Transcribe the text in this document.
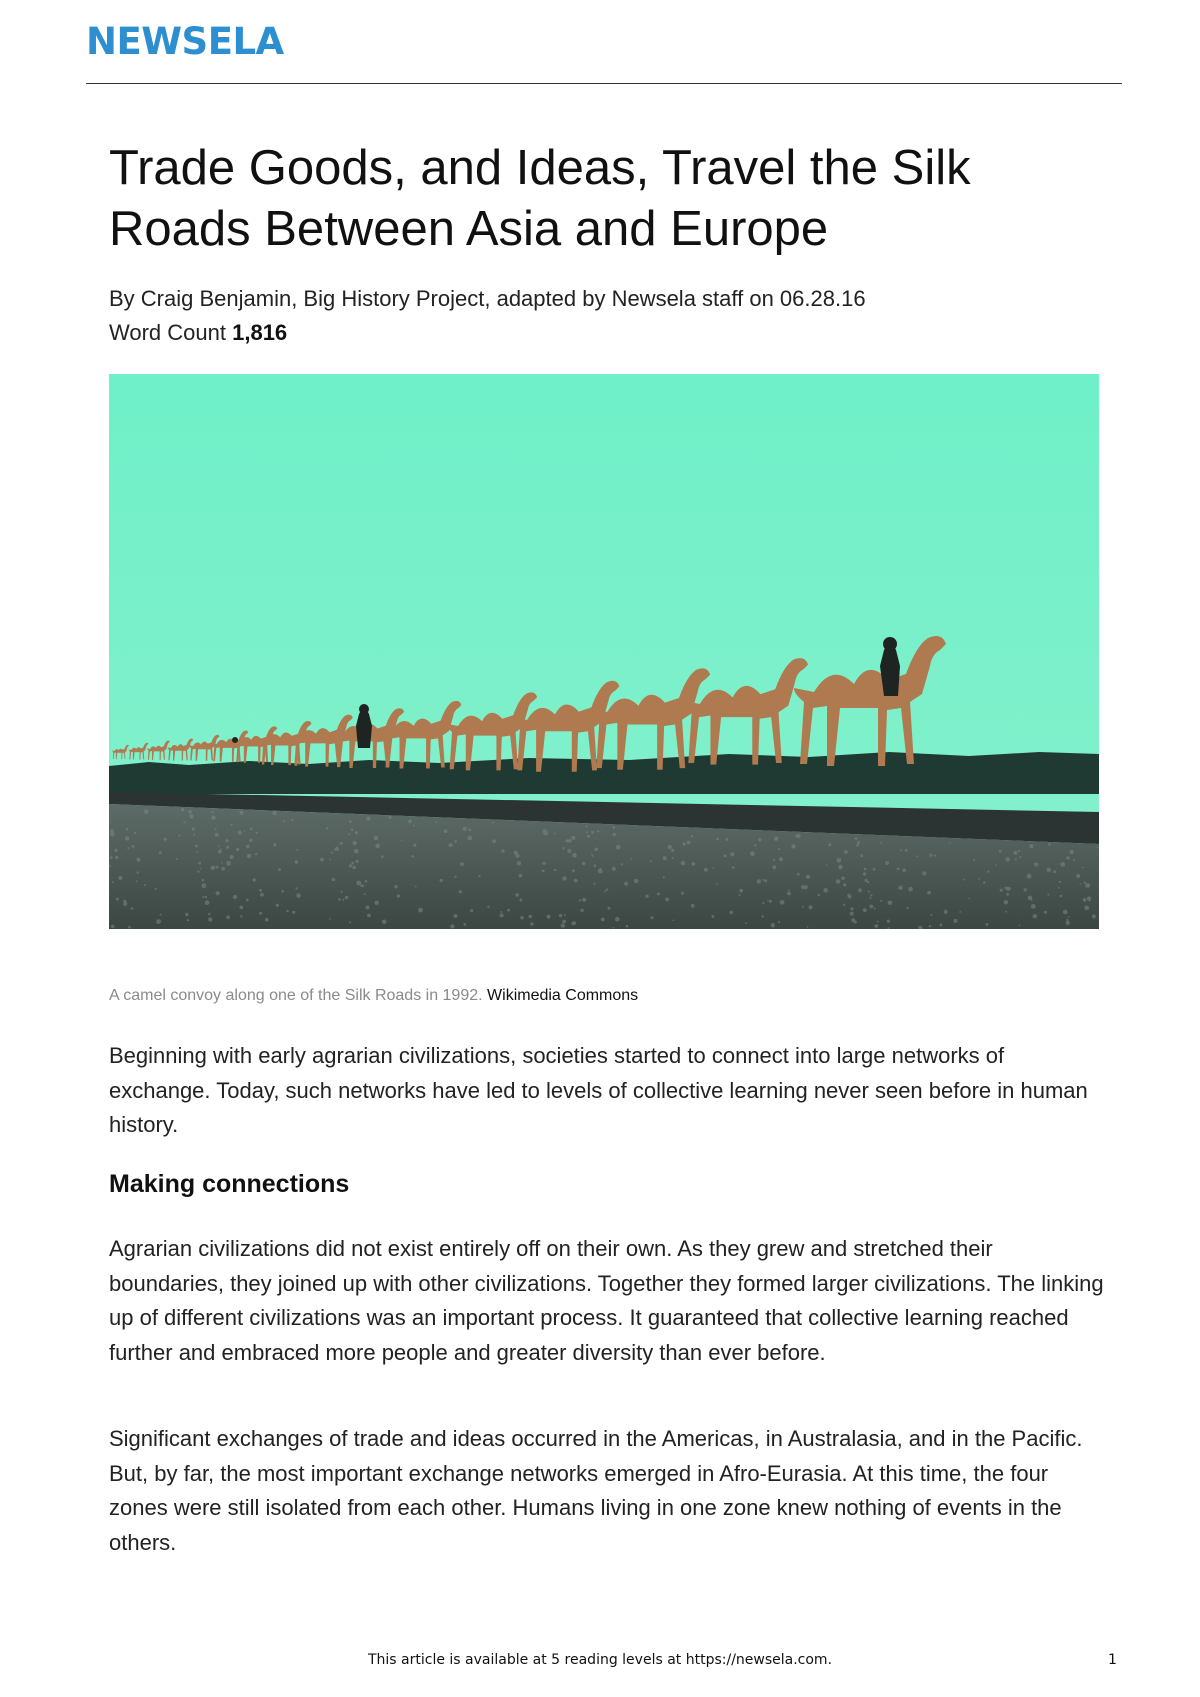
NEWSELA
Trade Goods, and Ideas, Travel the Silk Roads Between Asia and Europe
By Craig Benjamin, Big History Project, adapted by Newsela staff on 06.28.16
Word Count 1,816
A camel convoy along one of the Silk Roads in 1992. Wikimedia Commons

Beginning with early agrarian civilizations, societies started to connect into large networks of exchange. Today, such networks have led to levels of collective learning never seen before in human history.

Making connections

Agrarian civilizations did not exist entirely off on their own. As they grew and stretched their boundaries, they joined up with other civilizations. Together they formed larger civilizations. The linking up of different civilizations was an important process. It guaranteed that collective learning reached further and embraced more people and greater diversity than ever before.

Significant exchanges of trade and ideas occurred in the Americas, in Australasia, and in the Pacific. But, by far, the most important exchange networks emerged in Afro-Eurasia. At this time, the four zones were still isolated from each other. Humans living in one zone knew nothing of events in the others.

This article is available at 5 reading levels at https://newsela.com.	1
